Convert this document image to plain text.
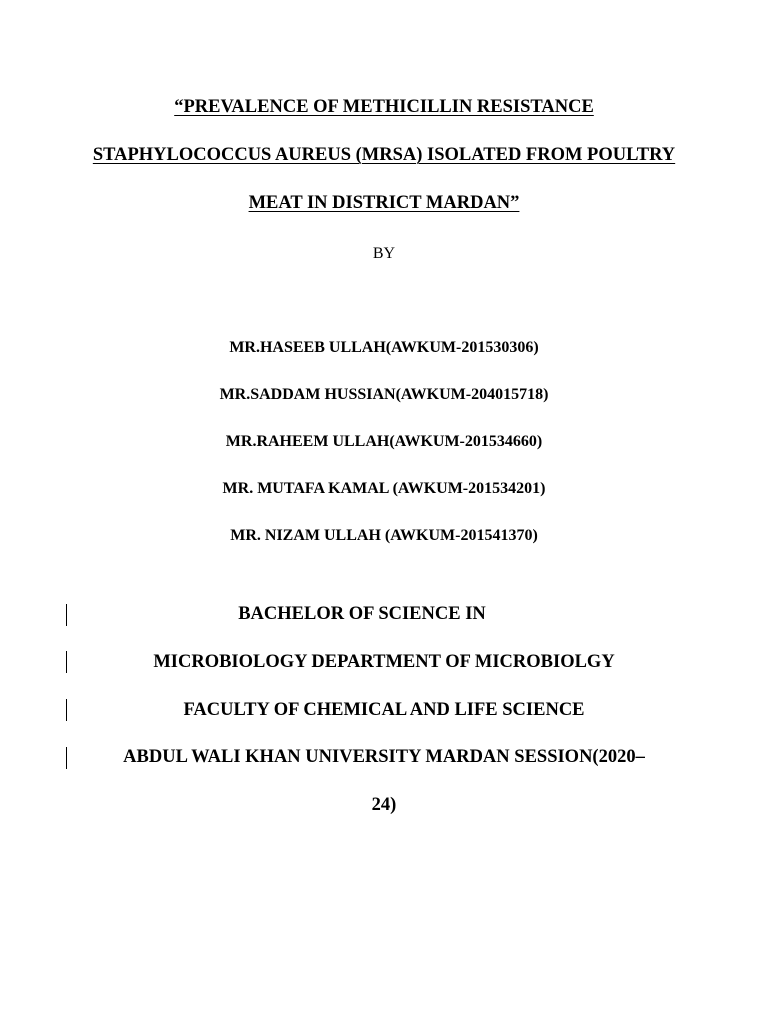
“PREVALENCE OF METHICILLIN RESISTANCE
STAPHYLOCOCCUS AUREUS (MRSA) ISOLATED FROM POULTRY
MEAT IN DISTRICT MARDAN”
BY
MR.HASEEB ULLAH(AWKUM-201530306)
MR.SADDAM HUSSIAN(AWKUM-204015718)
MR.RAHEEM ULLAH(AWKUM-201534660)
MR. MUTAFA KAMAL (AWKUM-201534201)
MR. NIZAM ULLAH (AWKUM-201541370)
BACHELOR OF SCIENCE IN
MICROBIOLOGY DEPARTMENT OF MICROBIOLGY
FACULTY OF CHEMICAL AND LIFE SCIENCE
ABDUL WALI KHAN UNIVERSITY MARDAN SESSION(2020–
24)
